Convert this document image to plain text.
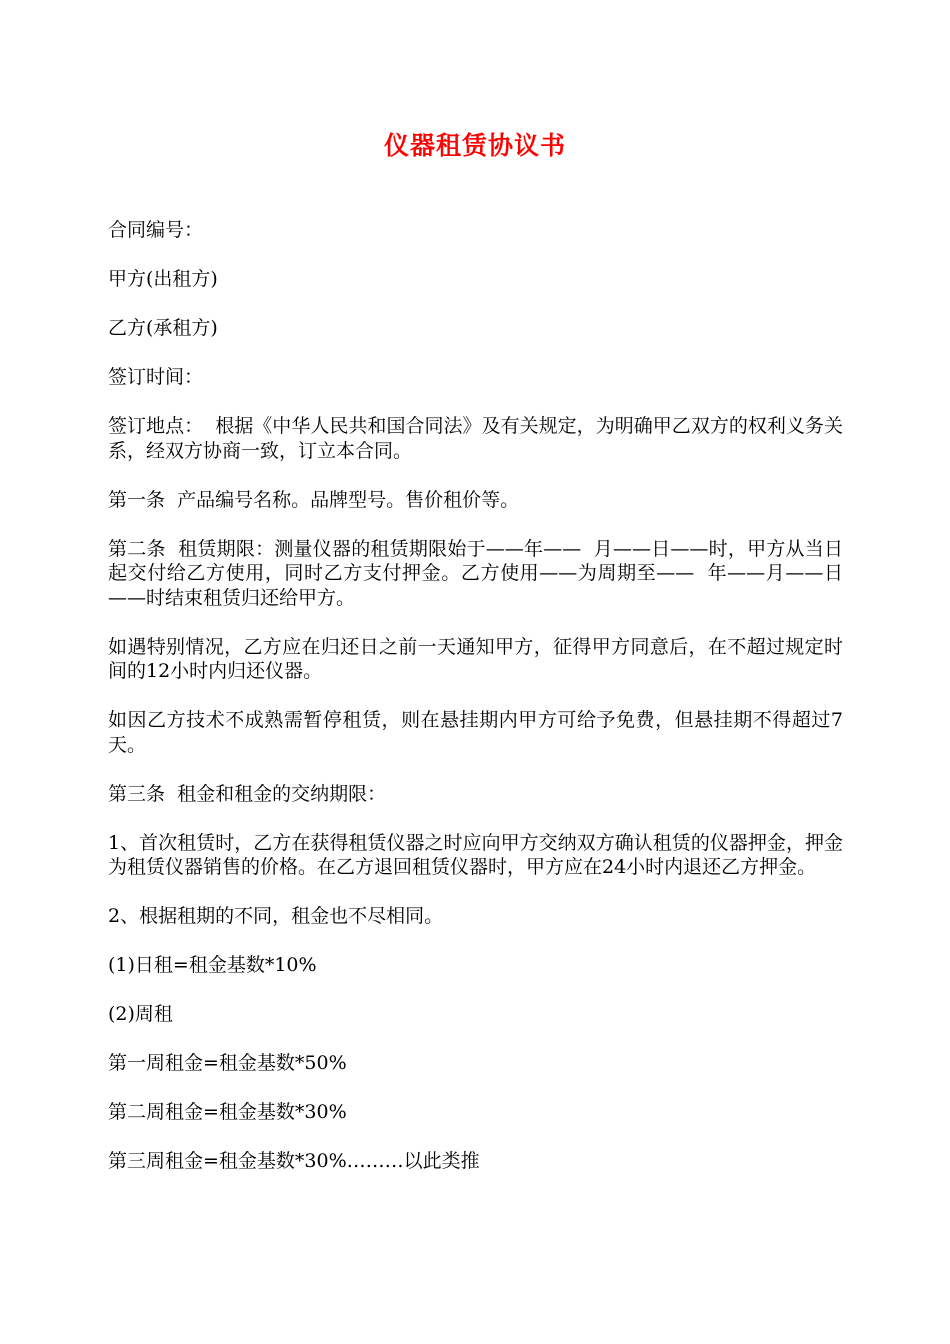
仪器租赁协议书

合同编号：

甲方(出租方)

乙方(承租方)

签订时间：

签订地点：  根据《中华人民共和国合同法》及有关规定，为明确甲乙双方的权利义务关系，经双方协商一致，订立本合同。

第一条  产品编号名称。品牌型号。售价租价等。

第二条  租赁期限：测量仪器的租赁期限始于——年——  月——日——时，甲方从当日起交付给乙方使用，同时乙方支付押金。乙方使用——为周期至——  年——月——日——时结束租赁归还给甲方。

如遇特别情况，乙方应在归还日之前一天通知甲方，征得甲方同意后，在不超过规定时间的12小时内归还仪器。

如因乙方技术不成熟需暂停租赁，则在悬挂期内甲方可给予免费，但悬挂期不得超过7天。

第三条  租金和租金的交纳期限：

1、首次租赁时，乙方在获得租赁仪器之时应向甲方交纳双方确认租赁的仪器押金，押金为租赁仪器销售的价格。在乙方退回租赁仪器时，甲方应在24小时内退还乙方押金。

2、根据租期的不同，租金也不尽相同。

(1)日租=租金基数*10%

(2)周租

第一周租金=租金基数*50%

第二周租金=租金基数*30%

第三周租金=租金基数*30%………以此类推
